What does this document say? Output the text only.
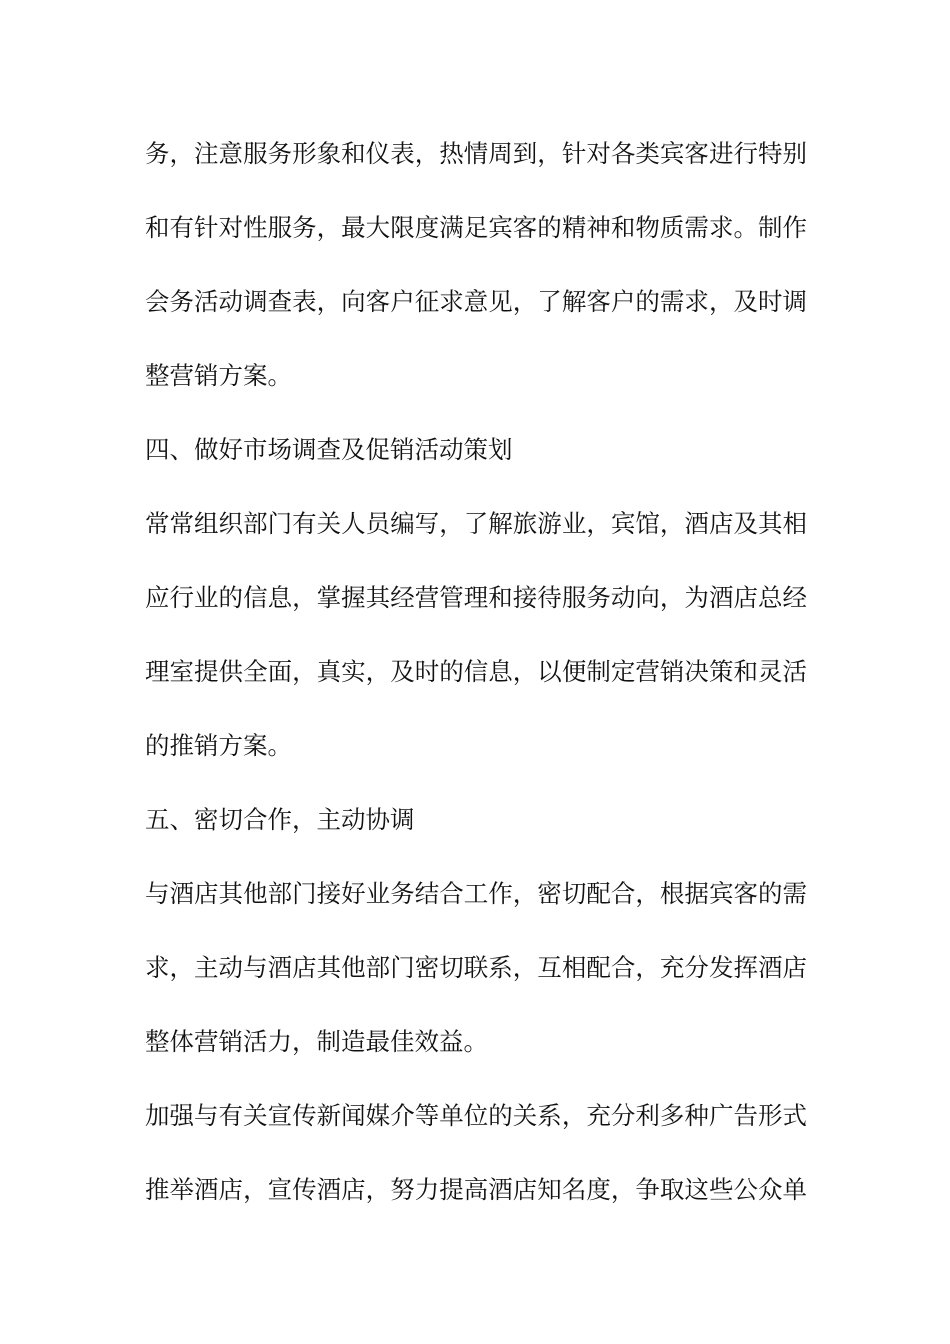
务，注意服务形象和仪表，热情周到，针对各类宾客进行特别
和有针对性服务，最大限度满足宾客的精神和物质需求。制作
会务活动调查表，向客户征求意见，了解客户的需求，及时调
整营销方案。
四、做好市场调查及促销活动策划
常常组织部门有关人员编写，了解旅游业，宾馆，酒店及其相
应行业的信息，掌握其经营管理和接待服务动向，为酒店总经
理室提供全面，真实，及时的信息，以便制定营销决策和灵活
的推销方案。
五、密切合作，主动协调
与酒店其他部门接好业务结合工作，密切配合，根据宾客的需
求，主动与酒店其他部门密切联系，互相配合，充分发挥酒店
整体营销活力，制造最佳效益。
加强与有关宣传新闻媒介等单位的关系，充分利多种广告形式
推举酒店，宣传酒店，努力提高酒店知名度，争取这些公众单
